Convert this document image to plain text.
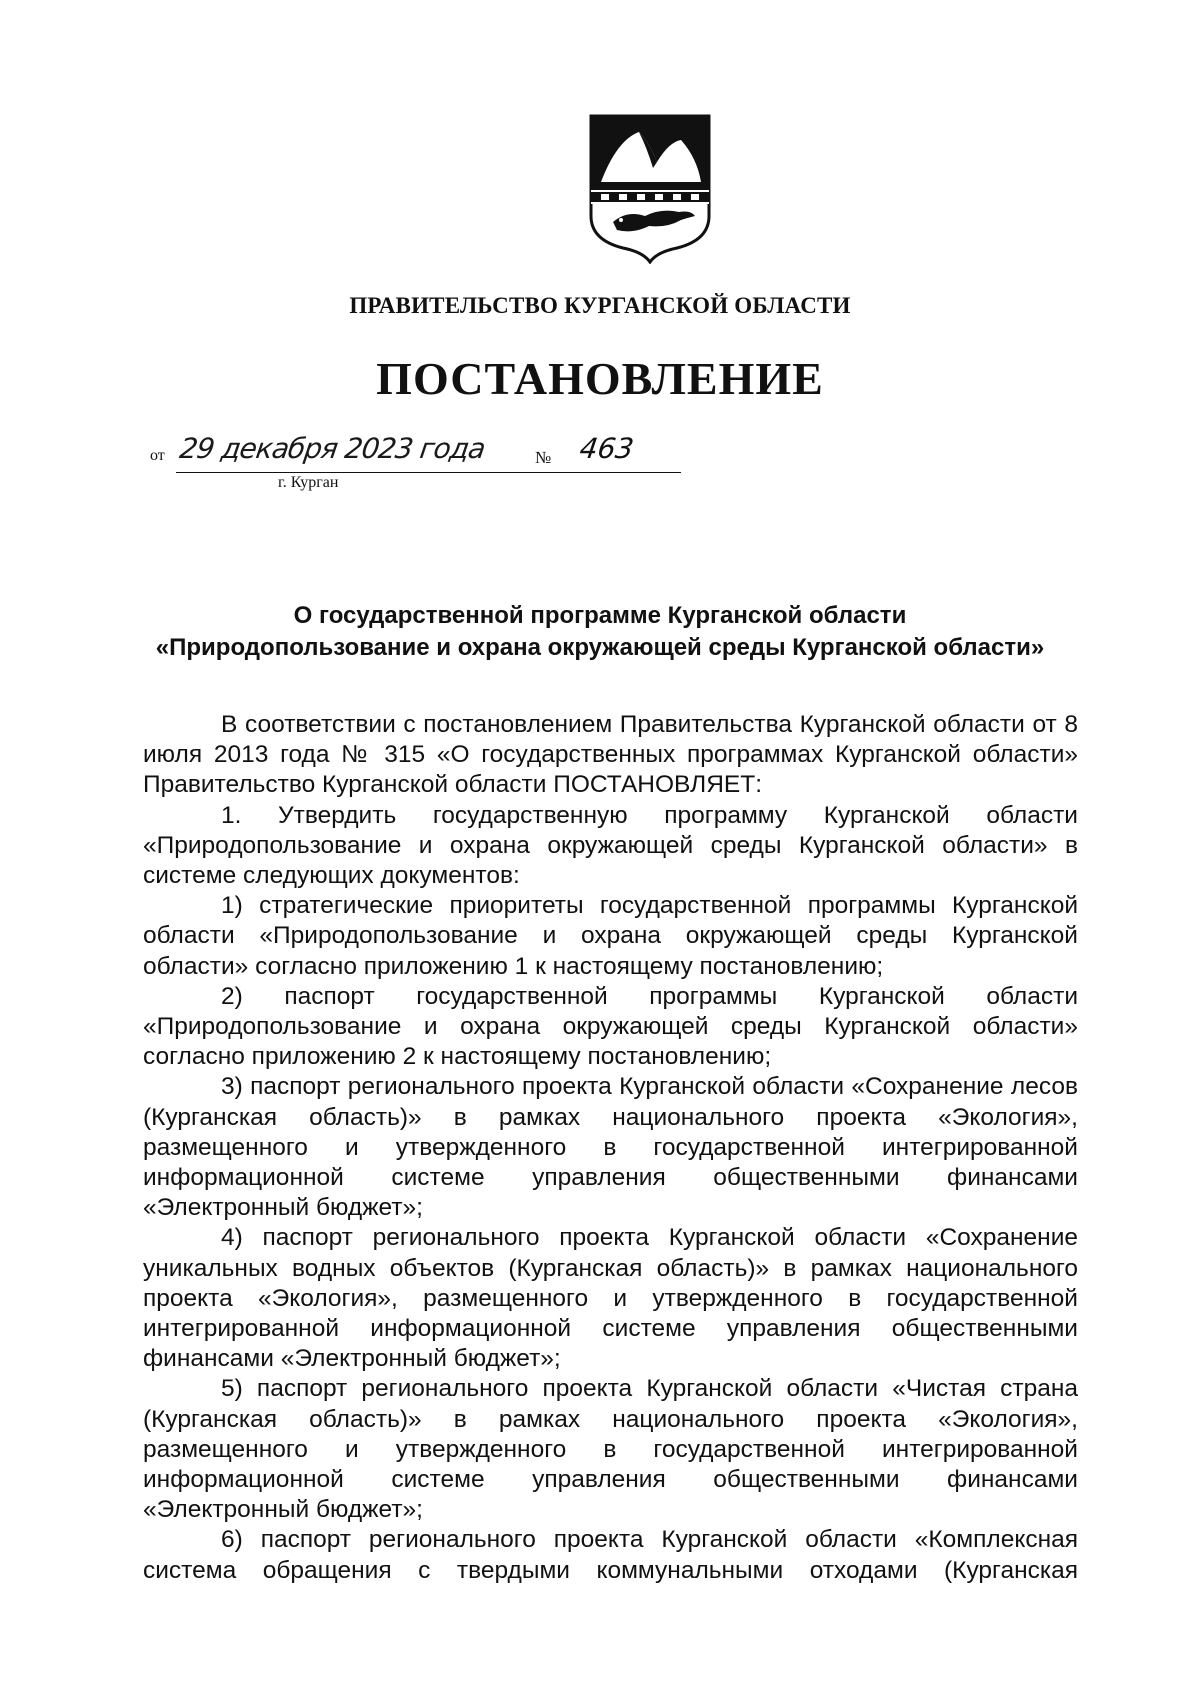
ПРАВИТЕЛЬСТВО КУРГАНСКОЙ ОБЛАСТИ
ПОСТАНОВЛЕНИЕ
от 29 декабря 2023 года	№ 463
г. Курган
О государственной программе Курганской области
«Природопользование и охрана окружающей среды Курганской области»

В соответствии с постановлением Правительства Курганской области от 8 июля 2013 года № 315 «О государственных программах Курганской области» Правительство Курганской области ПОСТАНОВЛЯЕТ:

1. Утвердить государственную программу Курганской области «Природопользование и охрана окружающей среды Курганской области» в системе следующих документов:

1) стратегические приоритеты государственной программы Курганской области «Природопользование и охрана окружающей среды Курганской области» согласно приложению 1 к настоящему постановлению;

2) паспорт государственной программы Курганской области «Природопользование и охрана окружающей среды Курганской области» согласно приложению 2 к настоящему постановлению;

3) паспорт регионального проекта Курганской области «Сохранение лесов (Курганская область)» в рамках национального проекта «Экология», размещенного и утвержденного в государственной интегрированной информационной системе управления общественными финансами «Электронный бюджет»;

4) паспорт регионального проекта Курганской области «Сохранение уникальных водных объектов (Курганская область)» в рамках национального проекта «Экология», размещенного и утвержденного в государственной интегрированной информационной системе управления общественными финансами «Электронный бюджет»;

5) паспорт регионального проекта Курганской области «Чистая страна (Курганская область)» в рамках национального проекта «Экология», размещенного и утвержденного в государственной интегрированной информационной системе управления общественными финансами «Электронный бюджет»;

6) паспорт регионального проекта Курганской области «Комплексная система обращения с твердыми коммунальными отходами (Курганская
